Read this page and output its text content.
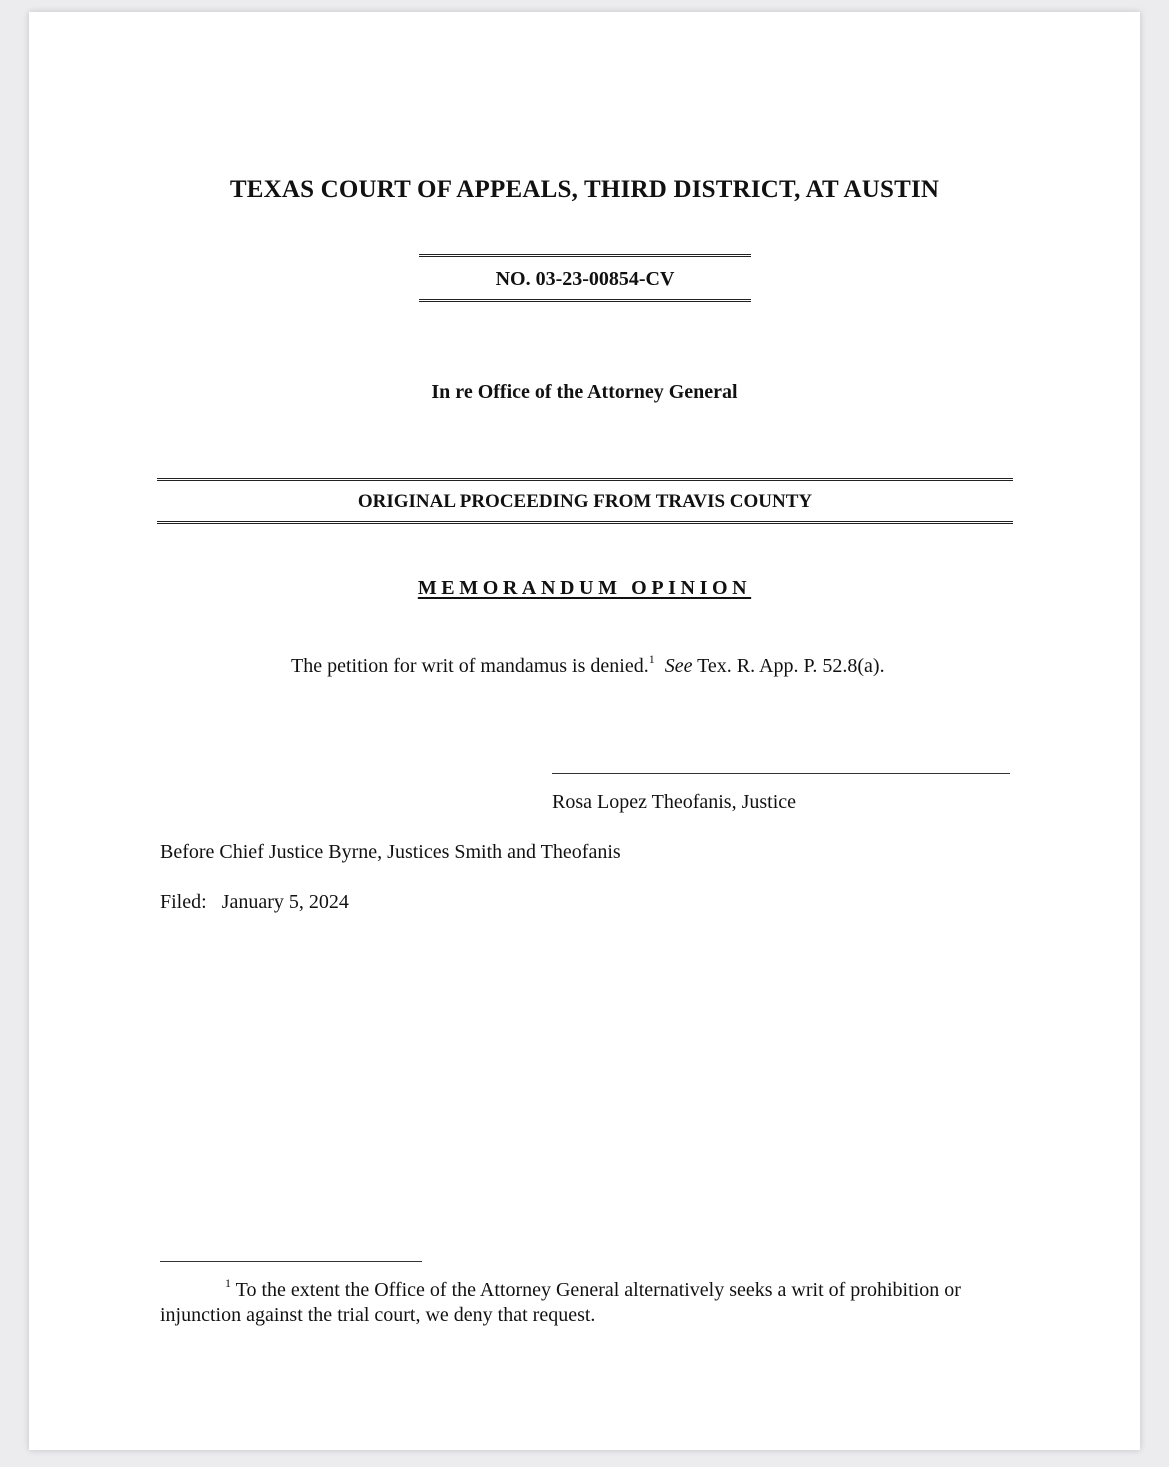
TEXAS COURT OF APPEALS, THIRD DISTRICT, AT AUSTIN
NO. 03-23-00854-CV
In re Office of the Attorney General
ORIGINAL PROCEEDING FROM TRAVIS COUNTY
MEMORANDUM OPINION
The petition for writ of mandamus is denied.$^1$ See Tex. R. App. P. 52.8(a).
Rosa Lopez Theofanis, Justice
Before Chief Justice Byrne, Justices Smith and Theofanis
Filed: January 5, 2024
$^1$ To the extent the Office of the Attorney General alternatively seeks a writ of prohibition or injunction against the trial court, we deny that request.
